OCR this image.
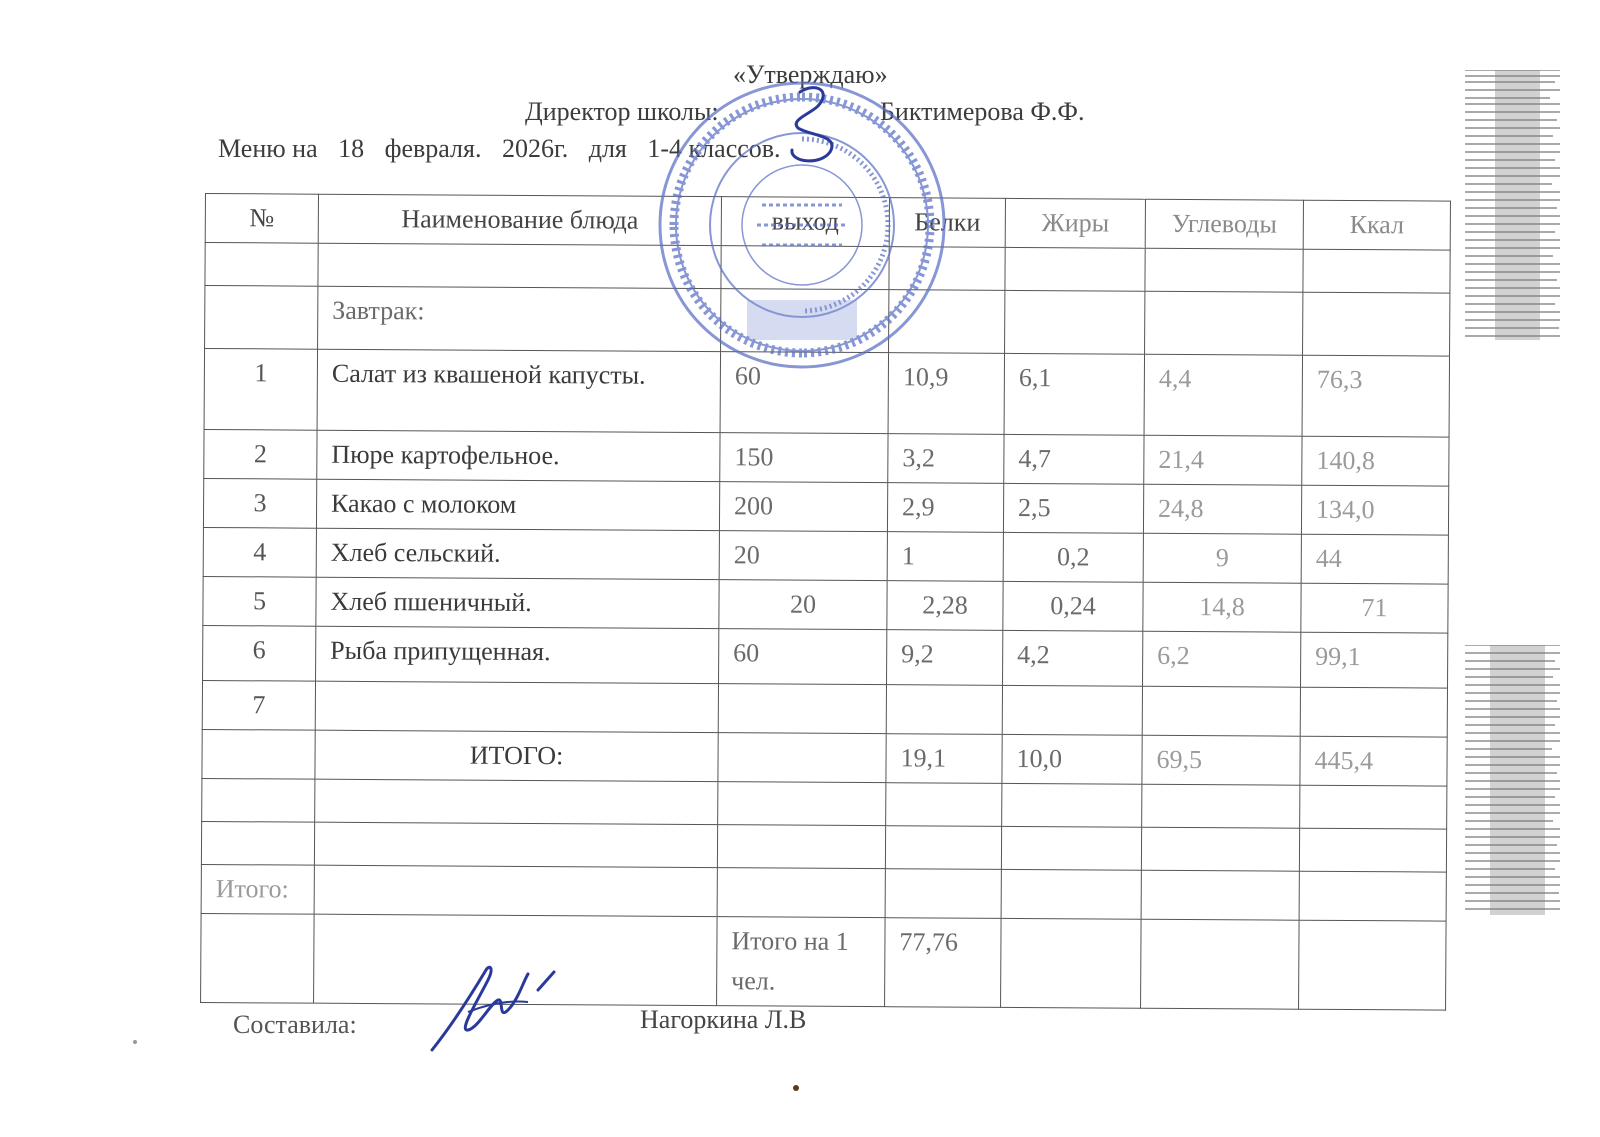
«Утверждаю»
Директор школы:	Биктимерова Ф.Ф.
Меню на 18 февраля. 2026г. для 1-4 классов.
№	Наименование блюда	выход	Белки	Жиры	Углеводы	Ккал

	Завтрак:					
1	Салат из квашеной капусты.	60	10,9	6,1	4,4	76,3
2	Пюре картофельное.	150	3,2	4,7	21,4	140,8
3	Какао с молоком	200	2,9	2,5	24,8	134,0
4	Хлеб сельский.	20	1	0,2	9	44
5	Хлеб пшеничный.	20	2,28	0,24	14,8	71
6	Рыба припущенная.	60	9,2	4,2	6,2	99,1
7						
	ИТОГО:		19,1	10,0	69,5	445,4

Итого:						
		Итого на 1 чел.	77,76			
Составила:	Нагоркина Л.В
